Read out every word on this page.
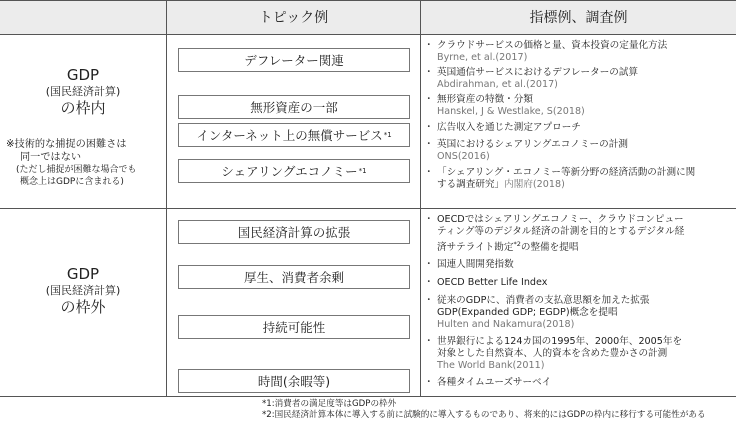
トピック例	指標例、調査例
GDP
(国民経済計算)
の枠内
※技術的な捕捉の困難さは
同一ではない
(ただし捕捉が困難な場合でも
概念上はGDPに含まれる)
デフレーター関連
無形資産の一部
インターネット上の無償サービス *1
シェアリングエコノミー *1
・ クラウドサービスの価格と量、資本投資の定量化方法
Byrne, et al.(2017)
・ 英国通信サービスにおけるデフレーターの試算
Abdirahman, et al.(2017)
・ 無形資産の特徴・分類
Hanskel, J & Westlake, S(2018)
・ 広告収入を通じた測定アプローチ
・ 英国におけるシェアリングエコノミーの計測
ONS(2016)
・ 「シェアリング・エコノミー等新分野の経済活動の計測に関
する調査研究」内閣府(2018)
GDP
(国民経済計算)
の枠外
国民経済計算の拡張
厚生、消費者余剰
持続可能性
時間(余暇等)
・ OECDではシェアリングエコノミー、クラウドコンピュー
ティング等のデジタル経済の計測を目的とするデジタル経
済サテライト勘定$^{*2}$の整備を提唱
・ 国連人間開発指数
・ OECD Better Life Index
・ 従来のGDPに、消費者の支払意思額を加えた拡張
GDP(Expanded GDP; EGDP)概念を提唱
Hulten and Nakamura(2018)
・ 世界銀行による124カ国の1995年、2000年、2005年を
対象とした自然資本、人的資本を含めた豊かさの計測
The World Bank(2011)
・ 各種タイムユーズサーベイ
*1:消費者の満足度等はGDPの枠外
*2:国民経済計算本体に導入する前に試験的に導入するものであり、将来的にはGDPの枠内に移行する可能性がある
